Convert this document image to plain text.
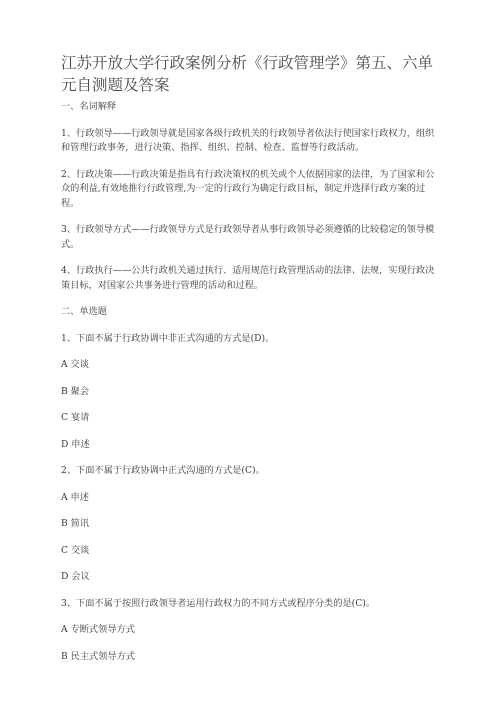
江苏开放大学行政案例分析《行政管理学》第五、六单元自测题及答案

一、名词解释

1、行政领导——行政领导就是国家各级行政机关的行政领导者依法行使国家行政权力，组织和管理行政事务，进行决策、指挥、组织、控制、检查、监督等行政活动。

2、行政决策——行政决策是指具有行政决策权的机关或个人依据国家的法律，为了国家和公众的利益,有效地推行行政管理,为一定的行政行为确定行政目标，制定并选择行政方案的过程。

3、行政领导方式——行政领导方式是行政领导者从事行政领导必须遵循的比较稳定的领导模式。

4、行政执行——公共行政机关通过执行、适用规范行政管理活动的法律、法规，实现行政决策目标，对国家公共事务进行管理的活动和过程。

二、单选题

1、下面不属于行政协调中非正式沟通的方式是(D)。

A 交谈

B 聚会

C 宴请

D 申述

2、下面不属于行政协调中正式沟通的方式是(C)。

A 申述

B 简讯

C 交谈

D 会议

3、下面不属于按照行政领导者运用行政权力的不同方式或程序分类的是(C)。

A 专断式领导方式

B 民主式领导方式
